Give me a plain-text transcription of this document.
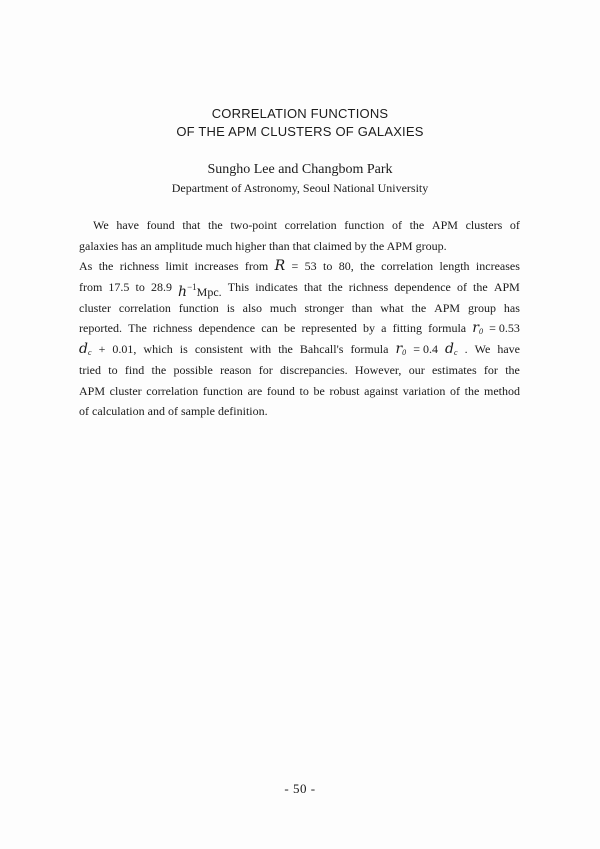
CORRELATION FUNCTIONS
OF THE APM CLUSTERS OF GALAXIES
Sungho Lee and Changbom Park
Department of Astronomy, Seoul National University
We have found that the two-point correlation function of the APM clusters of
galaxies has an amplitude much higher than that claimed by the APM group.
As the richness limit increases from R = 53 to 80, the correlation length increases
from 17.5 to 28.9 $h^{-1}Mpc$. This indicates that the richness dependence of the APM
cluster correlation function is also much stronger than what the APM group has
reported. The richness dependence can be represented by a fitting formula $r_0 = 0.53$
$d_c + 0.01$, which is consistent with the Bahcall's formula $r_0 = 0.4$ $d_c$ . We have
tried to find the possible reason for discrepancies. However, our estimates for the
APM cluster correlation function are found to be robust against variation of the method
of calculation and of sample definition.
- 50 -
